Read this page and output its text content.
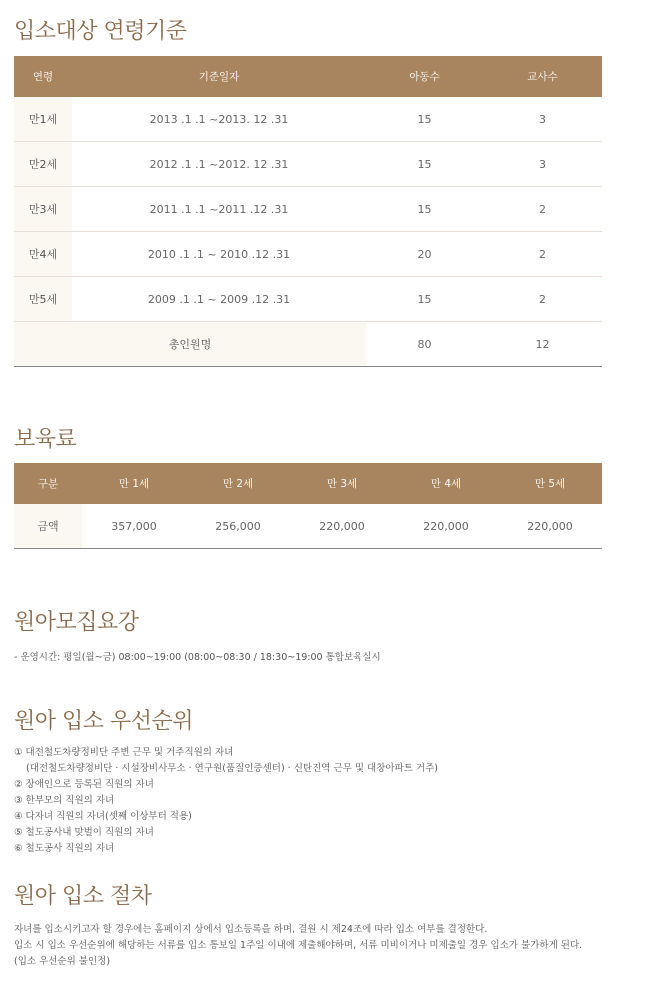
입소대상 연령기준
연령	기준일자	아동수	교사수
만1세	2013 .1 .1 ~2013. 12 .31	15	3
만2세	2012 .1 .1 ~2012. 12 .31	15	3
만3세	2011 .1 .1 ~2011 .12 .31	15	2
만4세	2010 .1 .1 ~ 2010 .12 .31	20	2
만5세	2009 .1 .1 ~ 2009 .12 .31	15	2
총인원명		80	12
보육료
구분	만 1세	만 2세	만 3세	만 4세	만 5세
금액	357,000	256,000	220,000	220,000	220,000
원아모집요강
- 운영시간: 평일(월~금) 08:00~19:00 (08:00~08:30 / 18:30~19:00 통합보육실시
원아 입소 우선순위
① 대전철도차량정비단 주변 근무 및 거주직원의 자녀
(대전철도차량정비단 · 시설장비사무소 · 연구원(품질인증센터) · 신탄진역 근무 및 대창아파트 거주)
② 장애인으로 등록된 직원의 자녀
③ 한부모의 직원의 자녀
④ 다자녀 직원의 자녀(셋째 이상부터 적용)
⑤ 철도공사내 맞벌이 직원의 자녀
⑥ 철도공사 직원의 자녀
원아 입소 절차
자녀를 입소시키고자 할 경우에는 홈페이지 상에서 입소등록을 하며, 결원 시 제24조에 따라 입소 여부를 결정한다.
입소 시 입소 우선순위에 해당하는 서류를 입소 통보일 1주일 이내에 제출해야하며, 서류 미비이거나 미제출일 경우 입소가 불가하게 된다.
(입소 우선순위 불인정)
